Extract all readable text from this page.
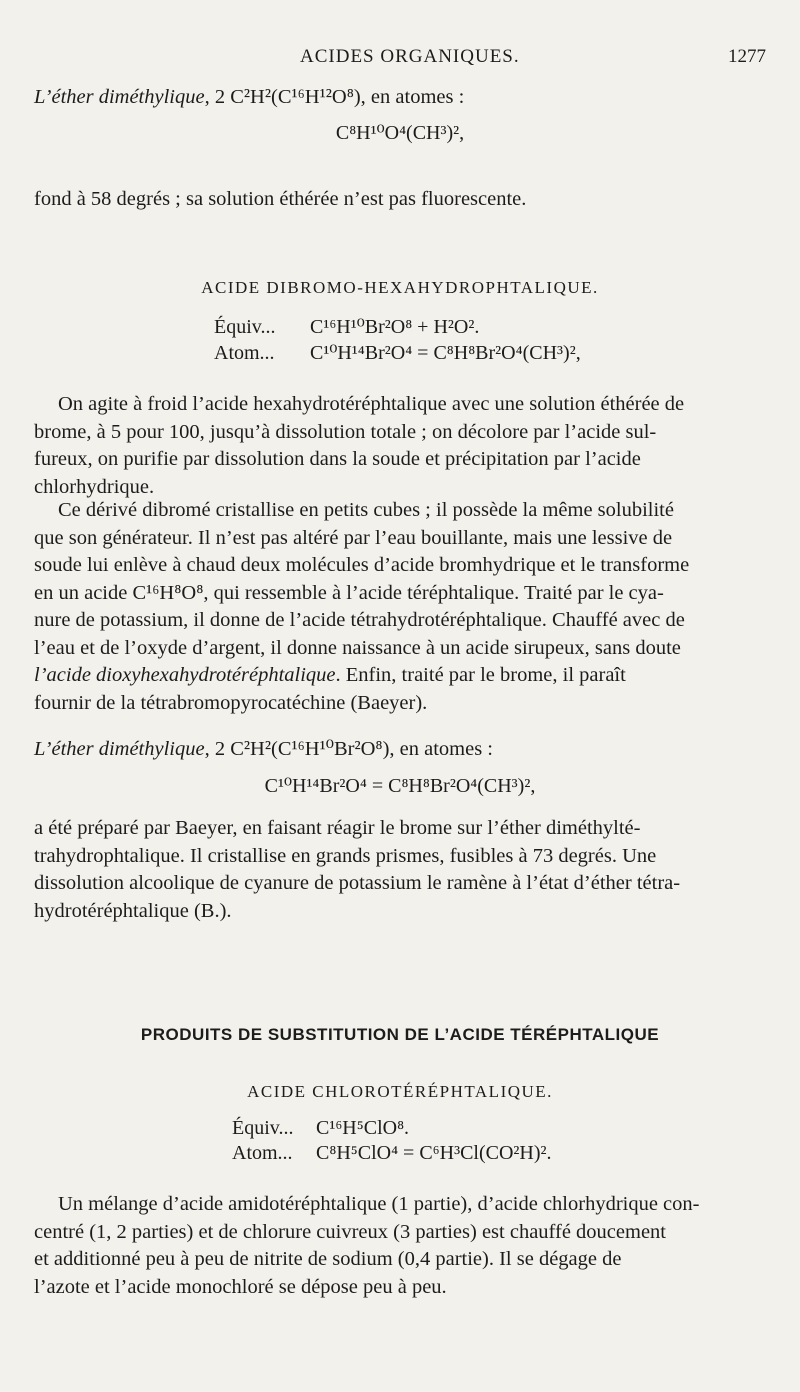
ACIDES ORGANIQUES.	1277
L’éther diméthylique, 2 C²H²(C¹⁶H¹²O⁸), en atomes :
C⁸H¹⁰O⁴(CH³)²,
fond à 58 degrés ; sa solution éthérée n’est pas fluorescente.
ACIDE DIBROMO-HEXAHYDROPHTALIQUE.
Équiv... C¹⁶H¹⁰Br²O⁸ + H²O².
Atom... C¹⁰H¹⁴Br²O⁴ = C⁸H⁸Br²O⁴(CH³)²,
On agite à froid l’acide hexahydrotéréphtalique avec une solution éthérée de
brome, à 5 pour 100, jusqu’à dissolution totale ; on décolore par l’acide sul-
fureux, on purifie par dissolution dans la soude et précipitation par l’acide
chlorhydrique.
Ce dérivé dibromé cristallise en petits cubes ; il possède la même solubilité
que son générateur. Il n’est pas altéré par l’eau bouillante, mais une lessive de
soude lui enlève à chaud deux molécules d’acide bromhydrique et le transforme
en un acide C¹⁶H⁸O⁸, qui ressemble à l’acide téréphtalique. Traité par le cya-
nure de potassium, il donne de l’acide tétrahydrotéréphtalique. Chauffé avec de
l’eau et de l’oxyde d’argent, il donne naissance à un acide sirupeux, sans doute
l’acide dioxyhexahydrotéréphtalique. Enfin, traité par le brome, il paraît
fournir de la tétrabromopyrocatéchine (Baeyer).
L’éther diméthylique, 2 C²H²(C¹⁶H¹⁰Br²O⁸), en atomes :
C¹⁰H¹⁴Br²O⁴ = C⁸H⁸Br²O⁴(CH³)²,
a été préparé par Baeyer, en faisant réagir le brome sur l’éther diméthylté-
trahydrophtalique. Il cristallise en grands prismes, fusibles à 73 degrés. Une
dissolution alcoolique de cyanure de potassium le ramène à l’état d’éther tétra-
hydrotéréphtalique (B.).
PRODUITS DE SUBSTITUTION DE L’ACIDE TÉRÉPHTALIQUE
ACIDE CHLOROTÉRÉPHTALIQUE.
Équiv... C¹⁶H⁵ClO⁸.
Atom... C⁸H⁵ClO⁴ = C⁶H³Cl(CO²H)².
Un mélange d’acide amidotéréphtalique (1 partie), d’acide chlorhydrique con-
centré (1, 2 parties) et de chlorure cuivreux (3 parties) est chauffé doucement
et additionné peu à peu de nitrite de sodium (0,4 partie). Il se dégage de
l’azote et l’acide monochloré se dépose peu à peu.
